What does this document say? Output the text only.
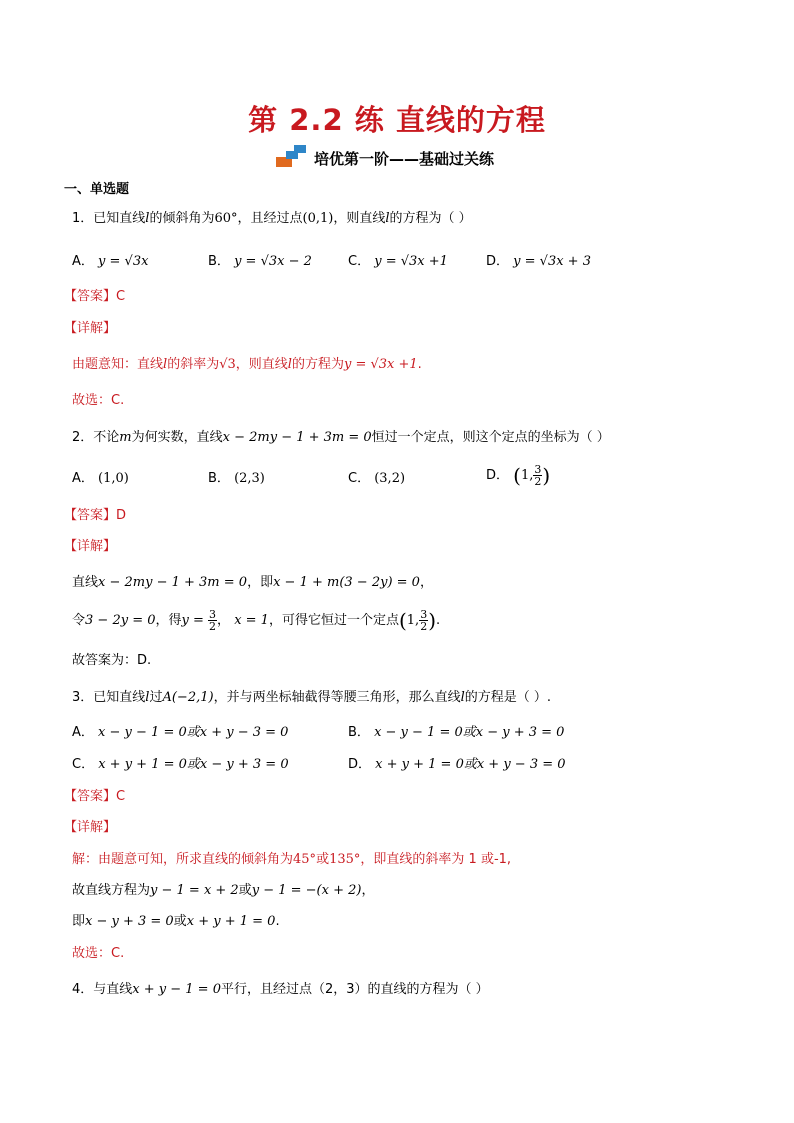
第 2.2 练 直线的方程
培优第一阶——基础过关练
一、单选题
1．已知直线l的倾斜角为60°，且经过点(0,1)，则直线l的方程为（ ）
A． y = √3x	B． y = √3x − 2	C． y = √3x +1	D． y = √3x + 3
【答案】C
【详解】
由题意知：直线l的斜率为√3，则直线l的方程为y = √3x +1.
故选：C.
2．不论m为何实数，直线x − 2my − 1 + 3m = 0恒过一个定点，则这个定点的坐标为（ ）
A． (1,0)	B． (2,3)	C． (3,2)	D． (1, $\frac{3}{2}$ )
【答案】D
【详解】
直线x − 2my − 1 + 3m = 0，即x − 1 + m(3 − 2y) = 0，
令3 − 2y = 0，得$y = \frac{3}{2}$ ， x = 1，可得它恒过一个定点(1, $\frac{3}{2}$ ).
故答案为：D.
3．已知直线l过A(−2,1)，并与两坐标轴截得等腰三角形，那么直线l的方程是（ ）.
A． x − y − 1 = 0或x + y − 3 = 0	B． x − y − 1 = 0或x − y + 3 = 0
C． x + y + 1 = 0或x − y + 3 = 0	D． x + y + 1 = 0或x + y − 3 = 0
【答案】C
【详解】
解：由题意可知，所求直线的倾斜角为45°或135°，即直线的斜率为 1 或-1,
故直线方程为y − 1 = x + 2或y − 1 = −(x + 2)，
即x − y + 3 = 0或x + y + 1 = 0.
故选：C.
4．与直线x + y − 1 = 0平行，且经过点（2，3）的直线的方程为（ ）
